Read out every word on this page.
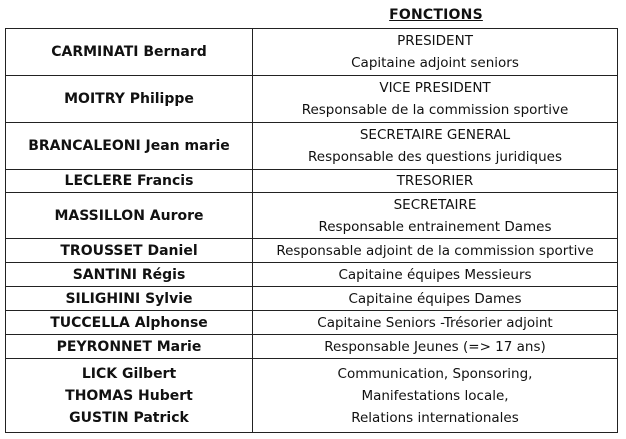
FONCTIONS
CARMINATI Bernard	PRESIDENT
Capitaine adjoint seniors

MOITRY Philippe	VICE PRESIDENT
Responsable de la commission sportive

BRANCALEONI Jean marie	SECRETAIRE GENERAL
Responsable des questions juridiques

LECLERE Francis	TRESORIER

MASSILLON Aurore	SECRETAIRE
Responsable entrainement Dames

TROUSSET Daniel	Responsable adjoint de la commission sportive

SANTINI Régis	Capitaine équipes Messieurs

SILIGHINI Sylvie	Capitaine équipes Dames

TUCCELLA Alphonse	Capitaine Seniors -Trésorier adjoint

PEYRONNET Marie	Responsable Jeunes (=> 17 ans)

LICK Gilbert
THOMAS Hubert
GUSTIN Patrick	Communication, Sponsoring,
Manifestations locale,
Relations internationales
